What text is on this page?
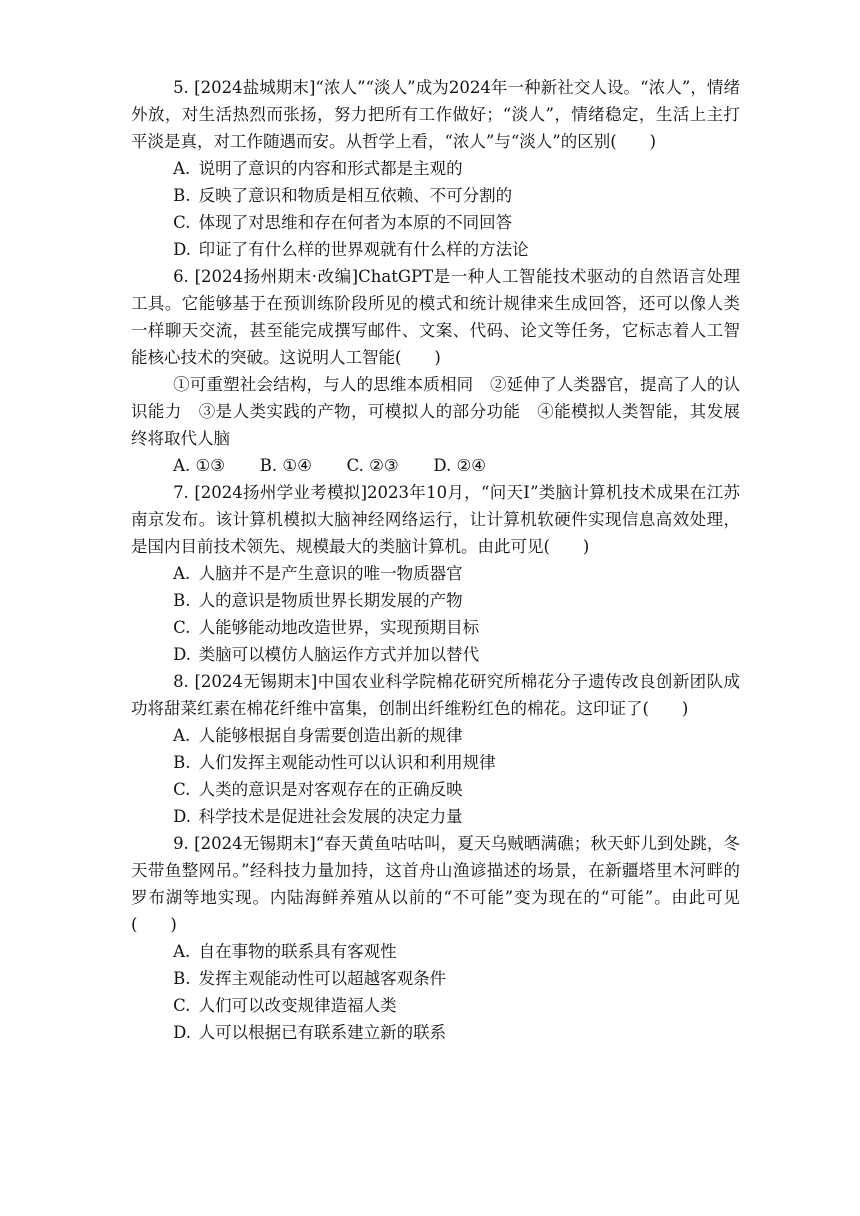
5. [2024盐城期末]“浓人”“淡人”成为2024年一种新社交人设。“浓人”，情绪外放，对生活热烈而张扬，努力把所有工作做好；“淡人”，情绪稳定，生活上主打平淡是真，对工作随遇而安。从哲学上看，“浓人”与“淡人”的区别(　　)

A. 说明了意识的内容和形式都是主观的

B. 反映了意识和物质是相互依赖、不可分割的

C. 体现了对思维和存在何者为本原的不同回答

D. 印证了有什么样的世界观就有什么样的方法论

6. [2024扬州期末·改编]ChatGPT是一种人工智能技术驱动的自然语言处理工具。它能够基于在预训练阶段所见的模式和统计规律来生成回答，还可以像人类一样聊天交流，甚至能完成撰写邮件、文案、代码、论文等任务，它标志着人工智能核心技术的突破。这说明人工智能(　　)

①可重塑社会结构，与人的思维本质相同　②延伸了人类器官，提高了人的认识能力　③是人类实践的产物，可模拟人的部分功能　④能模拟人类智能，其发展终将取代人脑

A. ①③ B. ①④ C. ②③ D. ②④

7. [2024扬州学业考模拟]2023年10月，“问天Ⅰ”类脑计算机技术成果在江苏南京发布。该计算机模拟大脑神经网络运行，让计算机软硬件实现信息高效处理，是国内目前技术领先、规模最大的类脑计算机。由此可见(　　)

A. 人脑并不是产生意识的唯一物质器官

B. 人的意识是物质世界长期发展的产物

C. 人能够能动地改造世界，实现预期目标

D. 类脑可以模仿人脑运作方式并加以替代

8. [2024无锡期末]中国农业科学院棉花研究所棉花分子遗传改良创新团队成功将甜菜红素在棉花纤维中富集，创制出纤维粉红色的棉花。这印证了(　　)

A. 人能够根据自身需要创造出新的规律

B. 人们发挥主观能动性可以认识和利用规律

C. 人类的意识是对客观存在的正确反映

D. 科学技术是促进社会发展的决定力量

9. [2024无锡期末]“春天黄鱼咕咕叫，夏天乌贼晒满礁；秋天虾儿到处跳，冬天带鱼整网吊。”经科技力量加持，这首舟山渔谚描述的场景，在新疆塔里木河畔的罗布湖等地实现。内陆海鲜养殖从以前的“不可能”变为现在的“可能”。由此可见(　　)

A. 自在事物的联系具有客观性

B. 发挥主观能动性可以超越客观条件

C. 人们可以改变规律造福人类

D. 人可以根据已有联系建立新的联系
